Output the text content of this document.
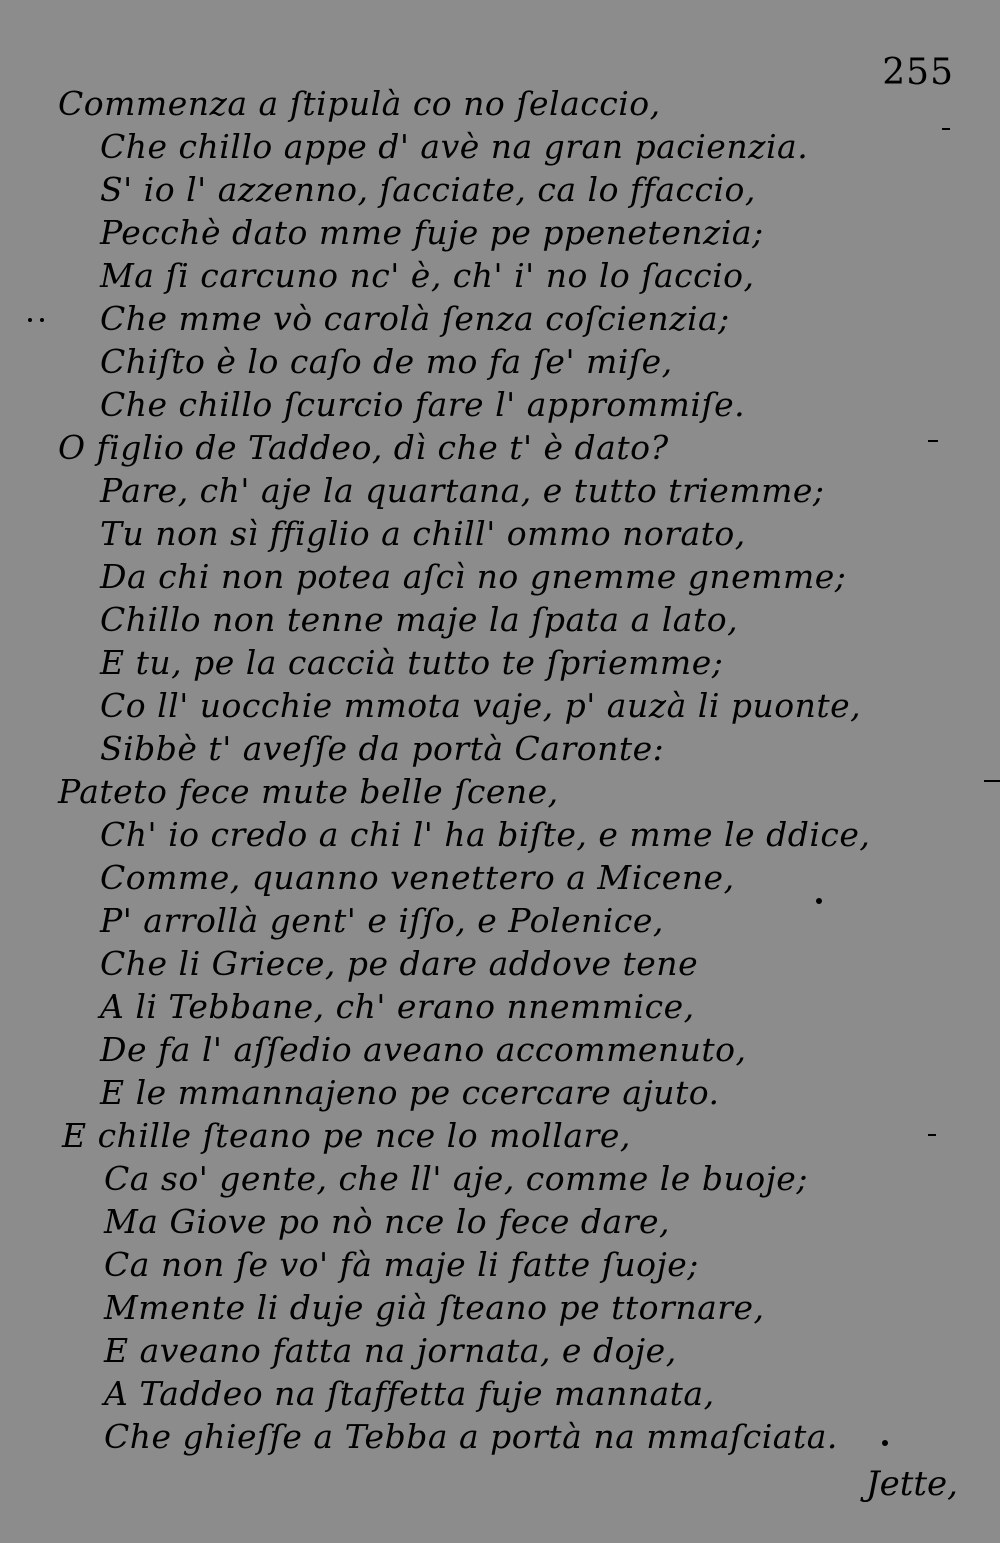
255
Commenza a ſtipulà co no ſelaccio,
Che chillo appe d' avè na gran pacienzia.
S' io l' azzenno, ſacciate, ca lo ffaccio,
Pecchè dato mme fuje pe ppenetenzia;
Ma ſi carcuno nc' è, ch' i' no lo ſaccio,
Che mme vò carolà ſenza coſcienzia;
Chiſto è lo caſo de mo fa ſe' miſe,
Che chillo ſcurcio fare l' apprommiſe.
O figlio de Taddeo, dì che t' è dato?
Pare, ch' aje la quartana, e tutto triemme;
Tu non sì ffiglio a chill' ommo norato,
Da chi non potea aſcì no gnemme gnemme;
Chillo non tenne maje la ſpata a lato,
E tu, pe la caccià tutto te ſpriemme;
Co ll' uocchie mmota vaje, p' auzà li puonte,
Sibbè t' aveſſe da portà Caronte:
Pateto fece mute belle ſcene,
Ch' io credo a chi l' ha biſte, e mme le ddice,
Comme, quanno venettero a Micene,
P' arrollà gent' e iſſo, e Polenice,
Che li Griece, pe dare addove tene
A li Tebbane, ch' erano nnemmice,
De fa l' aſſedio aveano accommenuto,
E le mmannajeno pe ccercare ajuto.
E chille ſteano pe nce lo mollare,
Ca so' gente, che ll' aje, comme le buoje;
Ma Giove po nò nce lo fece dare,
Ca non ſe vo' fà maje li fatte ſuoje;
Mmente li duje già ſteano pe ttornare,
E aveano fatta na jornata, e doje,
A Taddeo na ſtaffetta fuje mannata,
Che ghieſſe a Tebba a portà na mmaſciata.
Jette,
